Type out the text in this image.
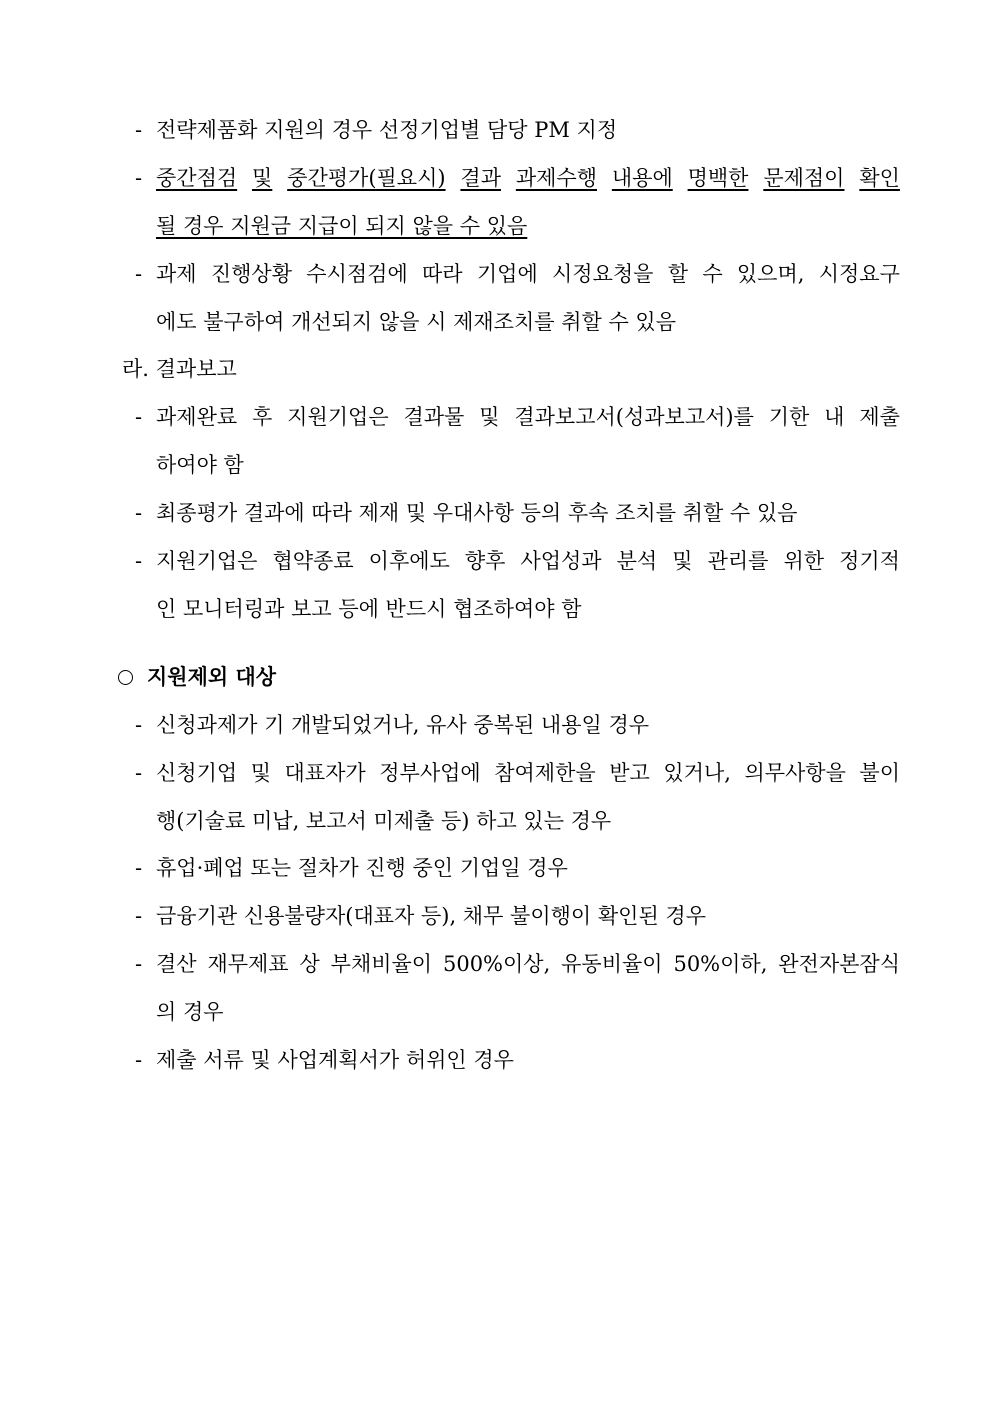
- 전략제품화 지원의 경우 선정기업별 담당 PM 지정
- 중간점검 및 중간평가(필요시) 결과 과제수행 내용에 명백한 문제점이 확인
될 경우 지원금 지급이 되지 않을 수 있음
- 과제 진행상황 수시점검에 따라 기업에 시정요청을 할 수 있으며, 시정요구
에도 불구하여 개선되지 않을 시 제재조치를 취할 수 있음
라. 결과보고
- 과제완료 후 지원기업은 결과물 및 결과보고서(성과보고서)를 기한 내 제출
하여야 함
- 최종평가 결과에 따라 제재 및 우대사항 등의 후속 조치를 취할 수 있음
- 지원기업은 협약종료 이후에도 향후 사업성과 분석 및 관리를 위한 정기적
인 모니터링과 보고 등에 반드시 협조하여야 함
지원제외 대상
- 신청과제가 기 개발되었거나, 유사 중복된 내용일 경우
- 신청기업 및 대표자가 정부사업에 참여제한을 받고 있거나, 의무사항을 불이
행(기술료 미납, 보고서 미제출 등) 하고 있는 경우
- 휴업·폐업 또는 절차가 진행 중인 기업일 경우
- 금융기관 신용불량자(대표자 등), 채무 불이행이 확인된 경우
- 결산 재무제표 상 부채비율이 500%이상, 유동비율이 50%이하, 완전자본잠식
의 경우
- 제출 서류 및 사업계획서가 허위인 경우
